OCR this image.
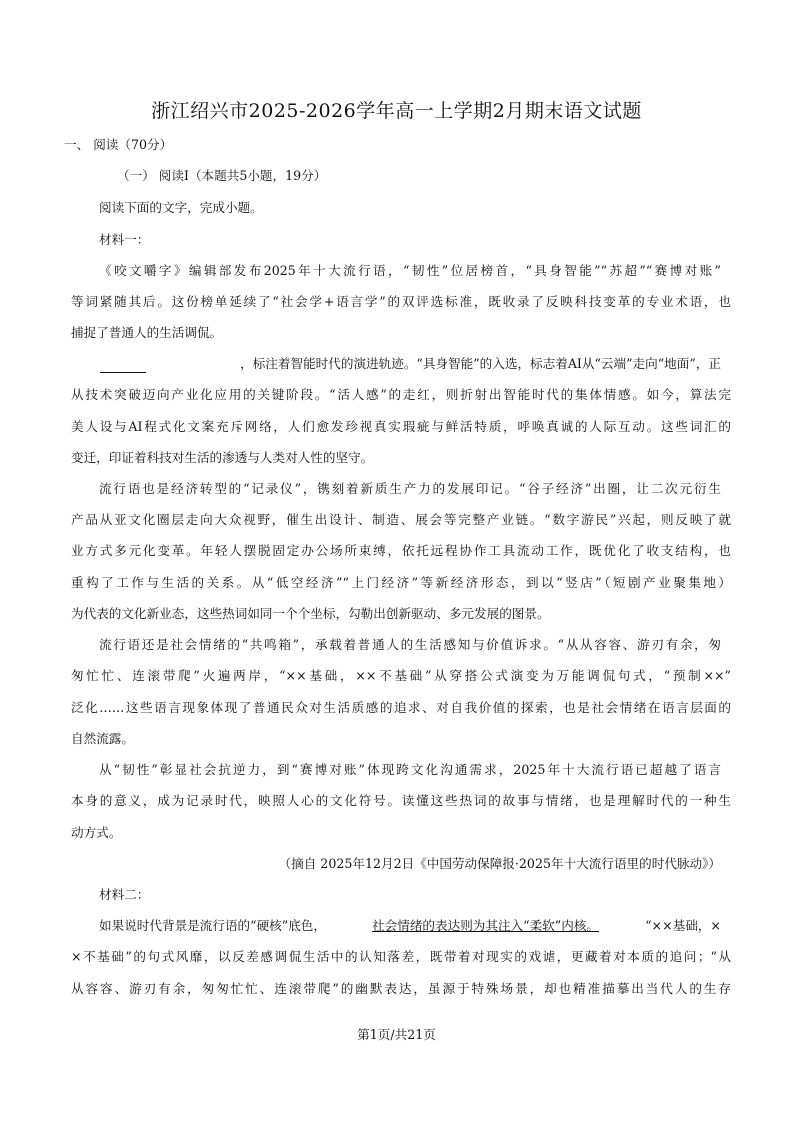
浙江绍兴市2025-2026学年高一上学期2月期末语文试题
一、 阅读（70分）
（一） 阅读Ⅰ（本题共5小题，19分）
阅读下面的文字，完成小题。
材料一：
《咬文嚼字》编辑部发布2025年十大流行语，“韧性”位居榜首，“具身智能”“苏超”“赛博对账”
等词紧随其后。这份榜单延续了“社会学+语言学”的双评选标准，既收录了反映科技变革的专业术语，也
捕捉了普通人的生活调侃。
，标注着智能时代的演进轨迹。“具身智能”的入选，标志着AI从“云端”走向“地面”，正
从技术突破迈向产业化应用的关键阶段。“活人感”的走红，则折射出智能时代的集体情感。如今，算法完
美人设与AI程式化文案充斥网络，人们愈发珍视真实瑕疵与鲜活特质，呼唤真诚的人际互动。这些词汇的
变迁，印证着科技对生活的渗透与人类对人性的坚守。
流行语也是经济转型的“记录仪”，镌刻着新质生产力的发展印记。“谷子经济”出圈，让二次元衍生
产品从亚文化圈层走向大众视野，催生出设计、制造、展会等完整产业链。“数字游民”兴起，则反映了就
业方式多元化变革。年轻人摆脱固定办公场所束缚，依托远程协作工具流动工作，既优化了收支结构，也
重构了工作与生活的关系。从“低空经济”“上门经济”等新经济形态，到以“竖店”（短剧产业聚集地）
为代表的文化新业态，这些热词如同一个个坐标，勾勒出创新驱动、多元发展的图景。
流行语还是社会情绪的“共鸣箱”，承载着普通人的生活感知与价值诉求。“从从容容、游刃有余，匆
匆忙忙、连滚带爬”火遍两岸，“××基础，××不基础”从穿搭公式演变为万能调侃句式，“预制××”
泛化……这些语言现象体现了普通民众对生活质感的追求、对自我价值的探索，也是社会情绪在语言层面的
自然流露。
从“韧性”彰显社会抗逆力，到“赛博对账”体现跨文化沟通需求，2025年十大流行语已超越了语言
本身的意义，成为记录时代，映照人心的文化符号。读懂这些热词的故事与情绪，也是理解时代的一种生
动方式。
（摘自 2025年12月2日《中国劳动保障报·2025年十大流行语里的时代脉动》）
材料二：
如果说时代背景是流行语的“硬核”底色，	社会情绪的表达则为其注入“柔软”内核。	“××基础，×
×不基础”的句式风靡，以反差感调侃生活中的认知落差，既带着对现实的戏谑，更藏着对本质的追问；“从
从容容、游刃有余，匆匆忙忙、连滚带爬”的幽默表达，虽源于特殊场景，却也精准描摹出当代人的生存
第1页/共21页
